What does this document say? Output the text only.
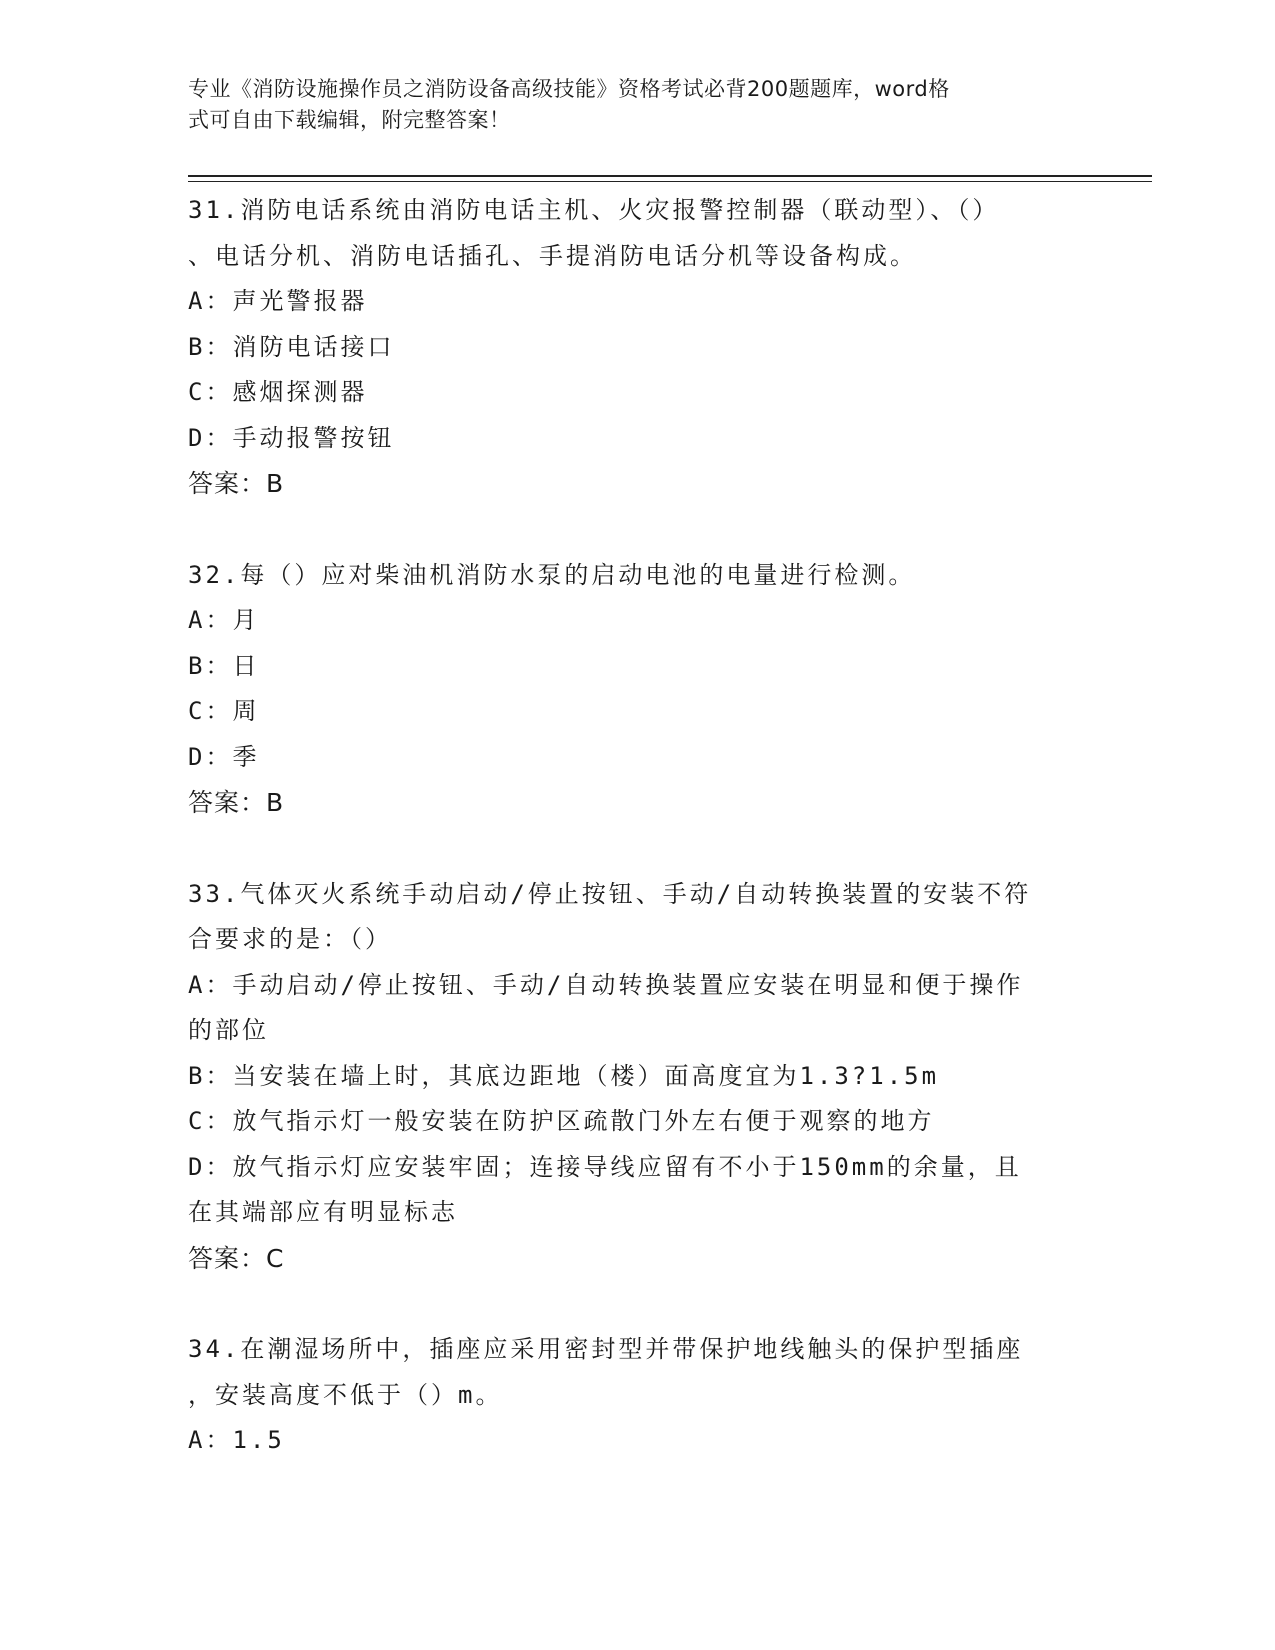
专业《消防设施操作员之消防设备高级技能》资格考试必背200题题库，word格
式可自由下载编辑，附完整答案！
31.消防电话系统由消防电话主机、火灾报警控制器（联动型）、（）
、电话分机、消防电话插孔、手提消防电话分机等设备构成。
A：声光警报器
B：消防电话接口
C：感烟探测器
D：手动报警按钮
答案：B
32.每（）应对柴油机消防水泵的启动电池的电量进行检测。
A：月
B：日
C：周
D：季
答案：B
33.气体灭火系统手动启动/停止按钮、手动/自动转换装置的安装不符
合要求的是：（）
A：手动启动/停止按钮、手动/自动转换装置应安装在明显和便于操作
的部位
B：当安装在墙上时，其底边距地（楼）面高度宜为1.3?1.5m
C：放气指示灯一般安装在防护区疏散门外左右便于观察的地方
D：放气指示灯应安装牢固；连接导线应留有不小于150mm的余量，且
在其端部应有明显标志
答案：C
34.在潮湿场所中，插座应采用密封型并带保护地线触头的保护型插座
，安装高度不低于（）m。
A：1.5
